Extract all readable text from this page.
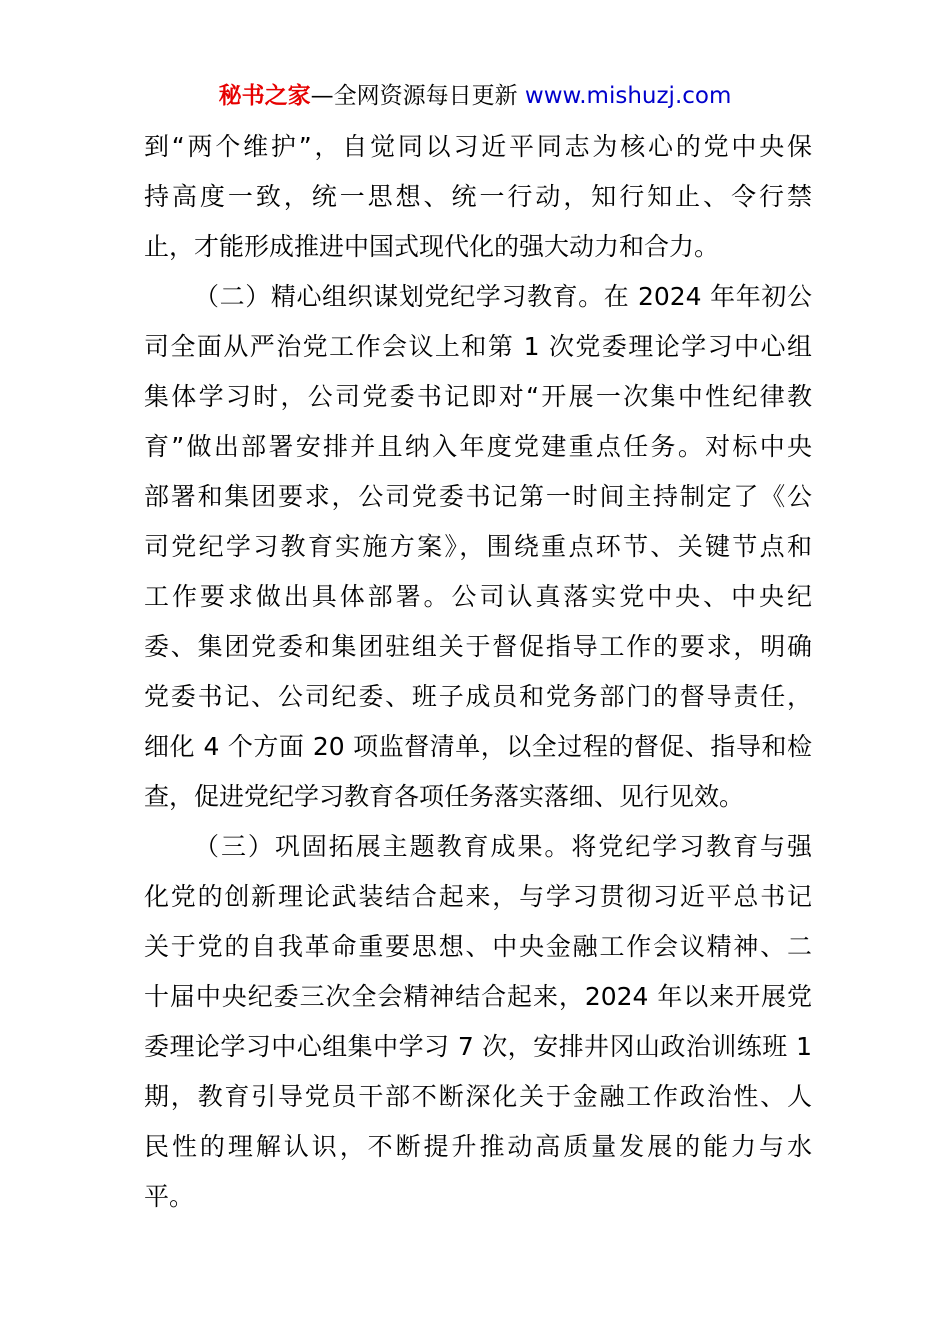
秘书之家—全网资源每日更新 www.mishuzj.com
到“两个维护”，自觉同以习近平同志为核心的党中央保
持高度一致，统一思想、统一行动，知行知止、令行禁
止，才能形成推进中国式现代化的强大动力和合力。
（二）精心组织谋划党纪学习教育。在 2024 年年初公
司全面从严治党工作会议上和第 1 次党委理论学习中心组
集体学习时，公司党委书记即对“开展一次集中性纪律教
育”做出部署安排并且纳入年度党建重点任务。对标中央
部署和集团要求，公司党委书记第一时间主持制定了《公
司党纪学习教育实施方案》，围绕重点环节、关键节点和
工作要求做出具体部署。公司认真落实党中央、中央纪
委、集团党委和集团驻组关于督促指导工作的要求，明确
党委书记、公司纪委、班子成员和党务部门的督导责任，
细化 4 个方面 20 项监督清单，以全过程的督促、指导和检
查，促进党纪学习教育各项任务落实落细、见行见效。
（三）巩固拓展主题教育成果。将党纪学习教育与强
化党的创新理论武装结合起来，与学习贯彻习近平总书记
关于党的自我革命重要思想、中央金融工作会议精神、二
十届中央纪委三次全会精神结合起来，2024 年以来开展党
委理论学习中心组集中学习 7 次，安排井冈山政治训练班 1
期，教育引导党员干部不断深化关于金融工作政治性、人
民性的理解认识，不断提升推动高质量发展的能力与水
平。
